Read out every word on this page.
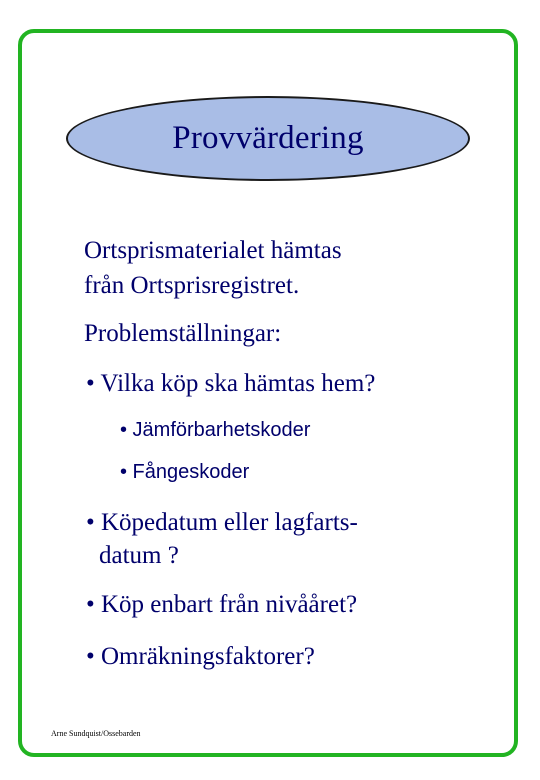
Provvärdering
Ortsprismaterialet hämtas
från Ortsprisregistret.
Problemställningar:
• Vilka köp ska hämtas hem?
• Jämförbarhetskoder
• Fångeskoder
• Köpedatum eller lagfarts-
datum ?
• Köp enbart från nivååret?
• Omräkningsfaktorer?
Arne Sundquist/Ossebarden
